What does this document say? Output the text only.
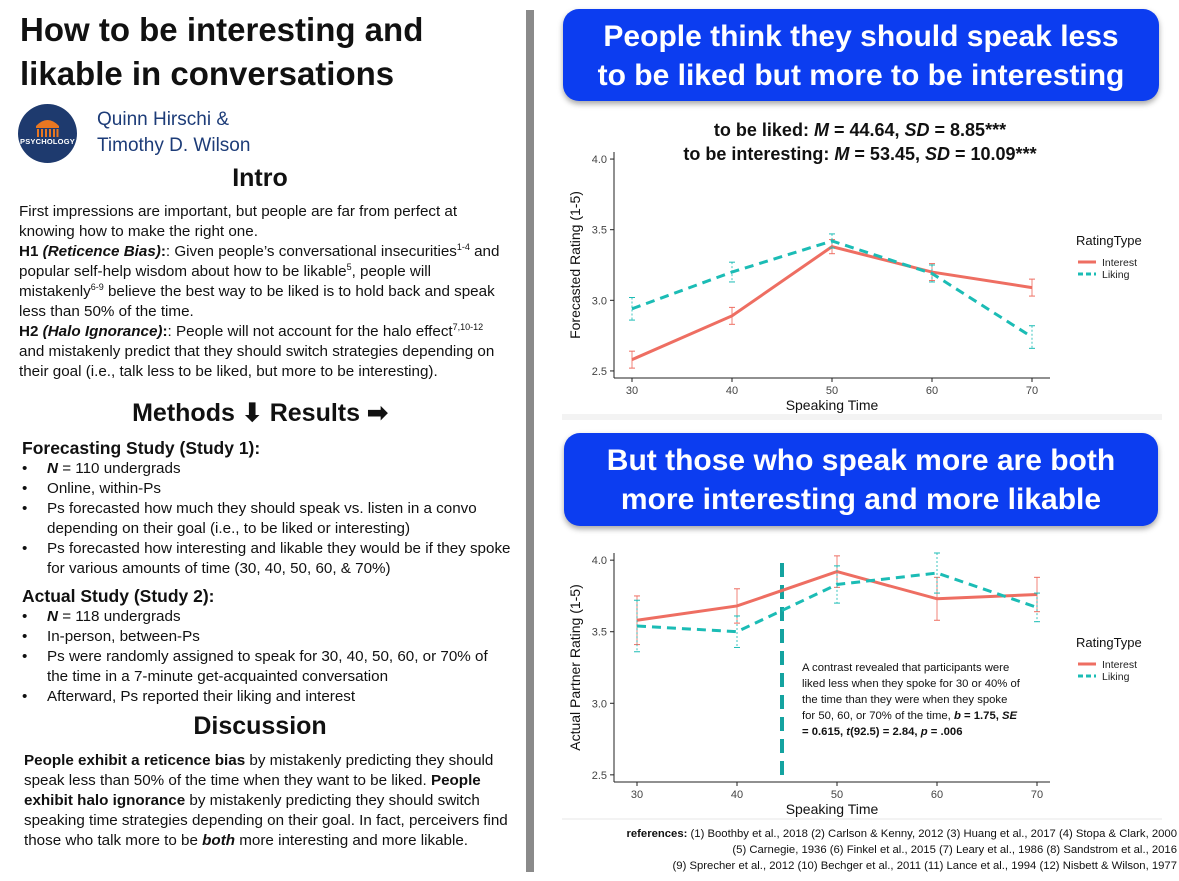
How to be interesting and
likable in conversations
PSYCHOLOGY
Quinn Hirschi &
Timothy D. Wilson
Intro
First impressions are important, but people are far from perfect at knowing how to make the right one.
H1 (Reticence Bias):: Given people’s conversational insecurities$^{1-4}$ and popular self-help wisdom about how to be likable$^5$, people will mistakenly$^{6-9}$ believe the best way to be liked is to hold back and speak less than 50% of the time.
H2 (Halo Ignorance):: People will not account for the halo effect$^{7,10-12}$ and mistakenly predict that they should switch strategies depending on their goal (i.e., talk less to be liked, but more to be interesting).
Methods ⬇ Results ➡
Forecasting Study (Study 1):
• N = 110 undergrads
• Online, within-Ps
• Ps forecasted how much they should speak vs. listen in a convo depending on their goal (i.e., to be liked or interesting)
• Ps forecasted how interesting and likable they would be if they spoke for various amounts of time (30, 40, 50, 60, & 70%)
Actual Study (Study 2):
• N = 118 undergrads
• In-person, between-Ps
• Ps were randomly assigned to speak for 30, 40, 50, 60, or 70% of the time in a 7-minute get-acquainted conversation
• Afterward, Ps reported their liking and interest
Discussion
People exhibit a reticence bias by mistakenly predicting they should speak less than 50% of the time when they want to be liked. People exhibit halo ignorance by mistakenly predicting they should switch speaking time strategies depending on their goal. In fact, perceivers find those who talk more to be both more interesting and more likable.
People think they should speak less
to be liked but more to be interesting
to be liked: M = 44.64, SD = 8.85***
to be interesting: M = 53.45, SD = 10.09***
2.5
3.0
3.5
4.0
30	40	50	60	70
Speaking Time
Forecasted Rating (1-5)	RatingType
Interest
Liking
But those who speak more are both
more interesting and more likable
2.5
3.0
3.5
4.0
30	40	50	60	70
Speaking Time
Actual Partner Rating (1-5)	RatingType
Interest
Liking
A contrast revealed that participants were
liked less when they spoke for 30 or 40% of
the time than they were when they spoke
for 50, 60, or 70% of the time, b = 1.75, SE
= 0.615, t(92.5) = 2.84, p = .006
references: (1) Boothby et al., 2018 (2) Carlson & Kenny, 2012 (3) Huang et al., 2017 (4) Stopa & Clark, 2000
(5) Carnegie, 1936 (6) Finkel et al., 2015 (7) Leary et al., 1986 (8) Sandstrom et al., 2016
(9) Sprecher et al., 2012 (10) Bechger et al., 2011 (11) Lance et al., 1994 (12) Nisbett & Wilson, 1977
